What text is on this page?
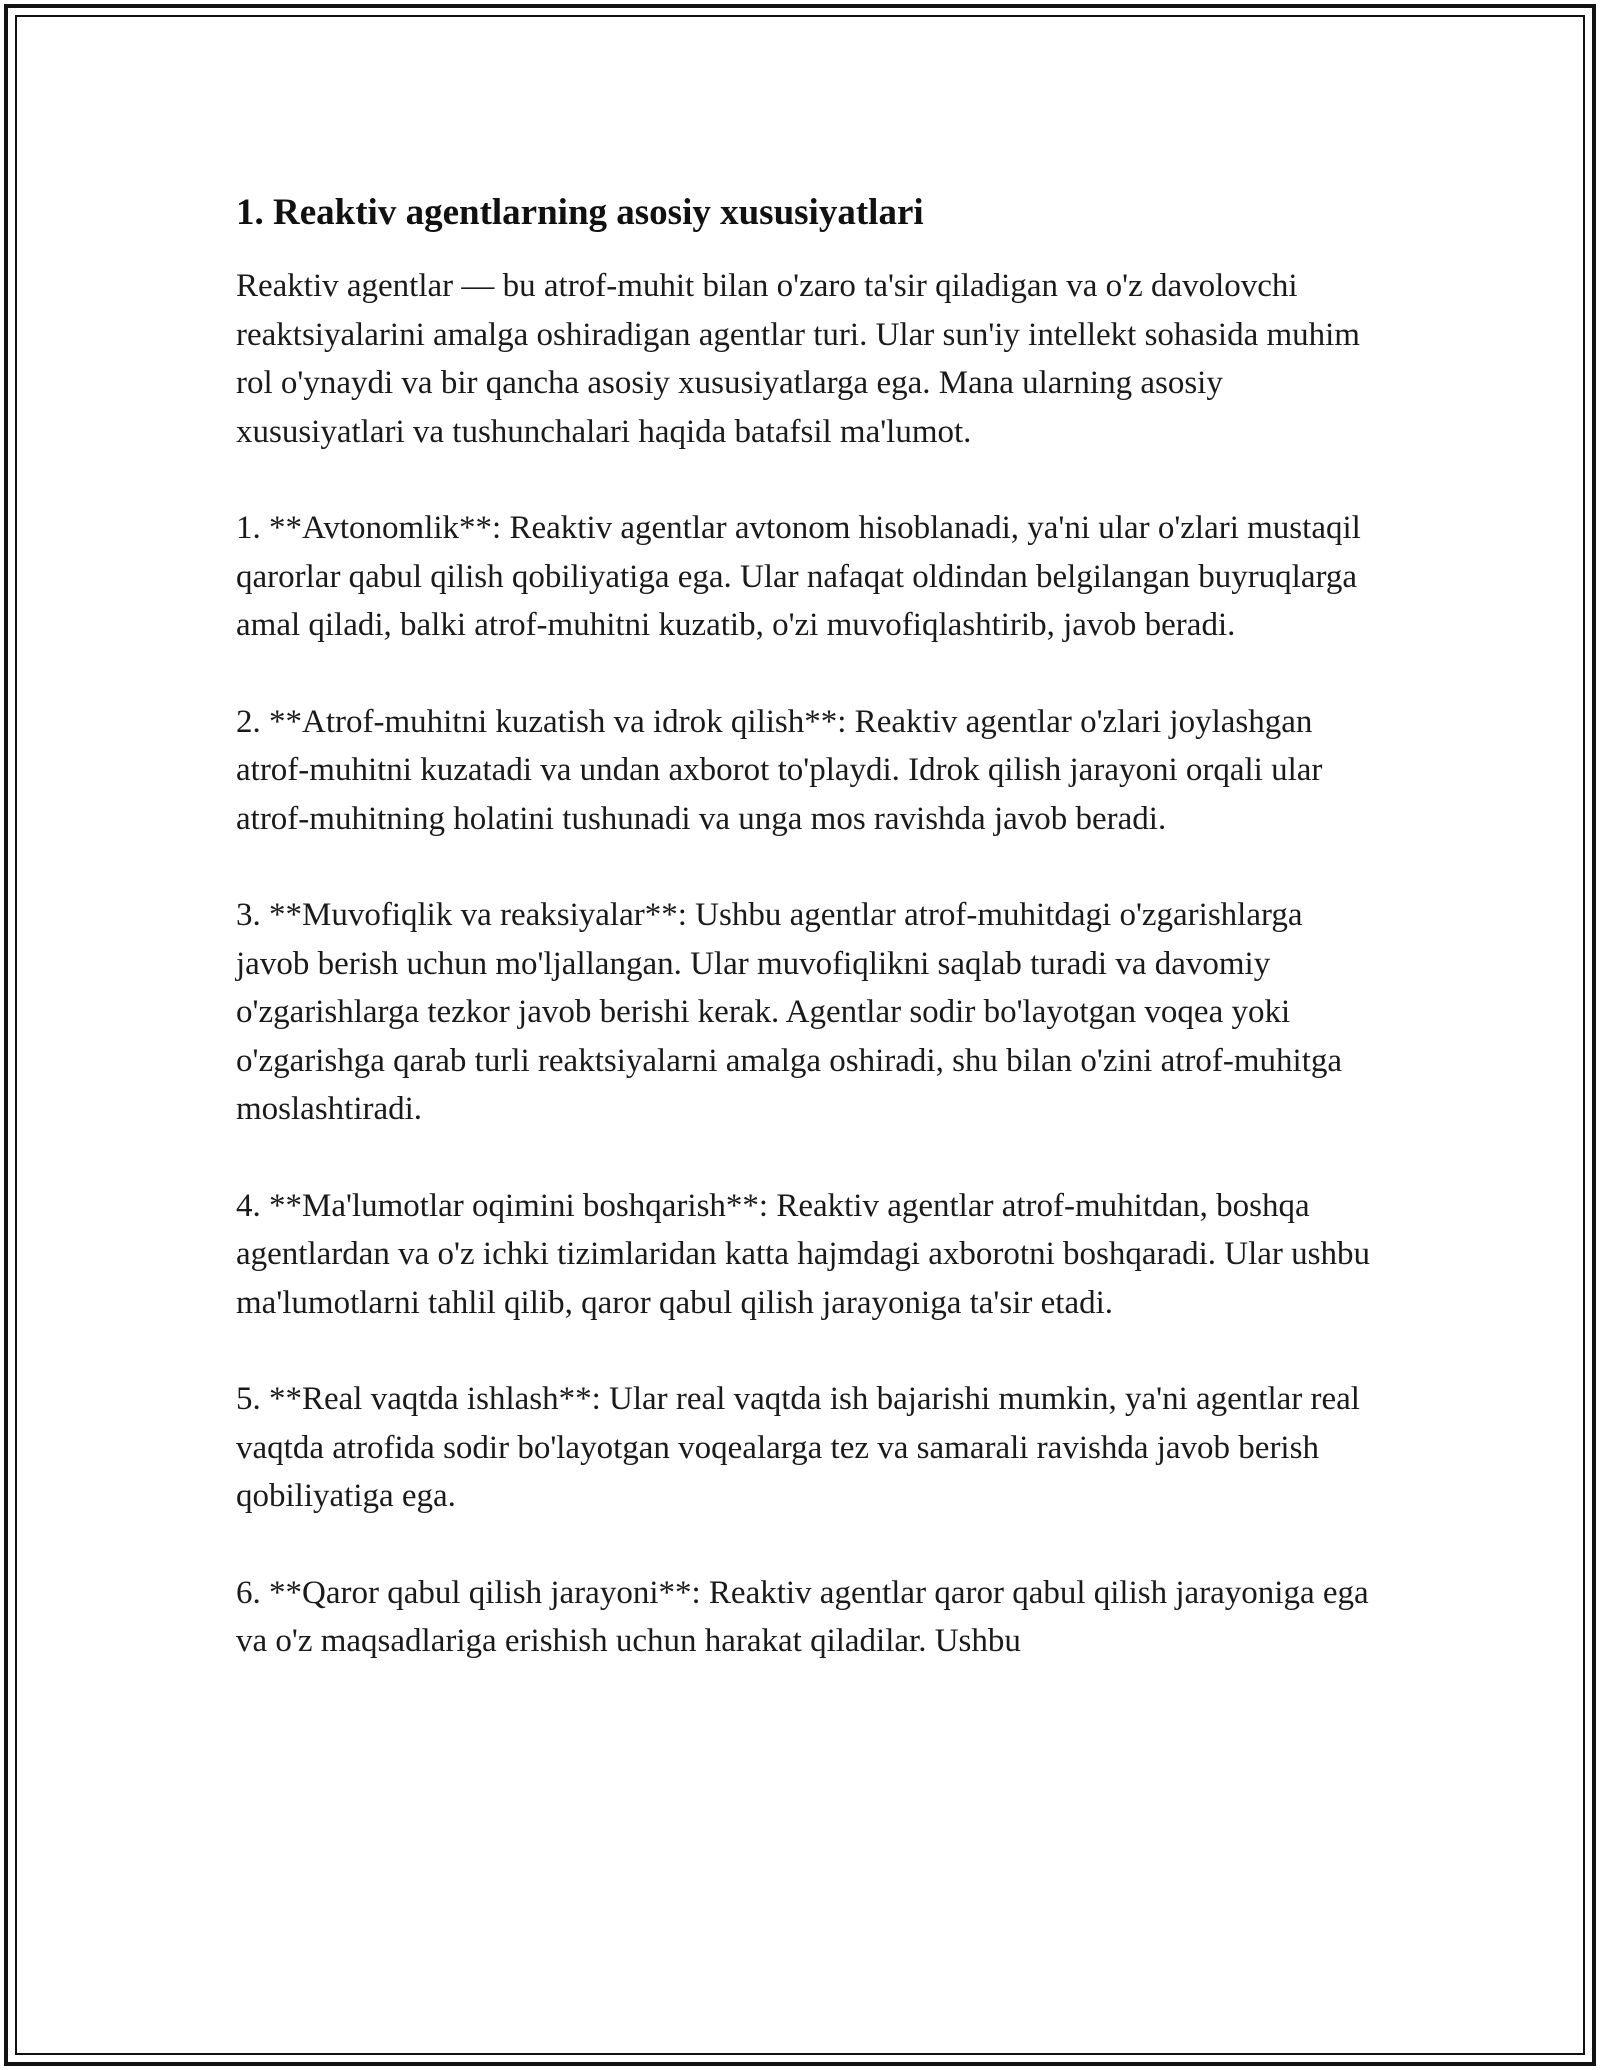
1. Reaktiv agentlarning asosiy xususiyatlari

Reaktiv agentlar — bu atrof-muhit bilan o'zaro ta'sir qiladigan va o'z davolovchi reaktsiyalarini amalga oshiradigan agentlar turi. Ular sun'iy intellekt sohasida muhim rol o'ynaydi va bir qancha asosiy xususiyatlarga ega. Mana ularning asosiy xususiyatlari va tushunchalari haqida batafsil ma'lumot.

1. **Avtonomlik**: Reaktiv agentlar avtonom hisoblanadi, ya'ni ular o'zlari mustaqil qarorlar qabul qilish qobiliyatiga ega. Ular nafaqat oldindan belgilangan buyruqlarga amal qiladi, balki atrof-muhitni kuzatib, o'zi muvofiqlashtirib, javob beradi.

2. **Atrof-muhitni kuzatish va idrok qilish**: Reaktiv agentlar o'zlari joylashgan atrof-muhitni kuzatadi va undan axborot to'playdi. Idrok qilish jarayoni orqali ular atrof-muhitning holatini tushunadi va unga mos ravishda javob beradi.

3. **Muvofiqlik va reaksiyalar**: Ushbu agentlar atrof-muhitdagi o'zgarishlarga javob berish uchun mo'ljallangan. Ular muvofiqlikni saqlab turadi va davomiy o'zgarishlarga tezkor javob berishi kerak. Agentlar sodir bo'layotgan voqea yoki o'zgarishga qarab turli reaktsiyalarni amalga oshiradi, shu bilan o'zini atrof-muhitga moslashtiradi.

4. **Ma'lumotlar oqimini boshqarish**: Reaktiv agentlar atrof-muhitdan, boshqa agentlardan va o'z ichki tizimlaridan katta hajmdagi axborotni boshqaradi. Ular ushbu ma'lumotlarni tahlil qilib, qaror qabul qilish jarayoniga ta'sir etadi.

5. **Real vaqtda ishlash**: Ular real vaqtda ish bajarishi mumkin, ya'ni agentlar real vaqtda atrofida sodir bo'layotgan voqealarga tez va samarali ravishda javob berish qobiliyatiga ega.

6. **Qaror qabul qilish jarayoni**: Reaktiv agentlar qaror qabul qilish jarayoniga ega va o'z maqsadlariga erishish uchun harakat qiladilar. Ushbu
